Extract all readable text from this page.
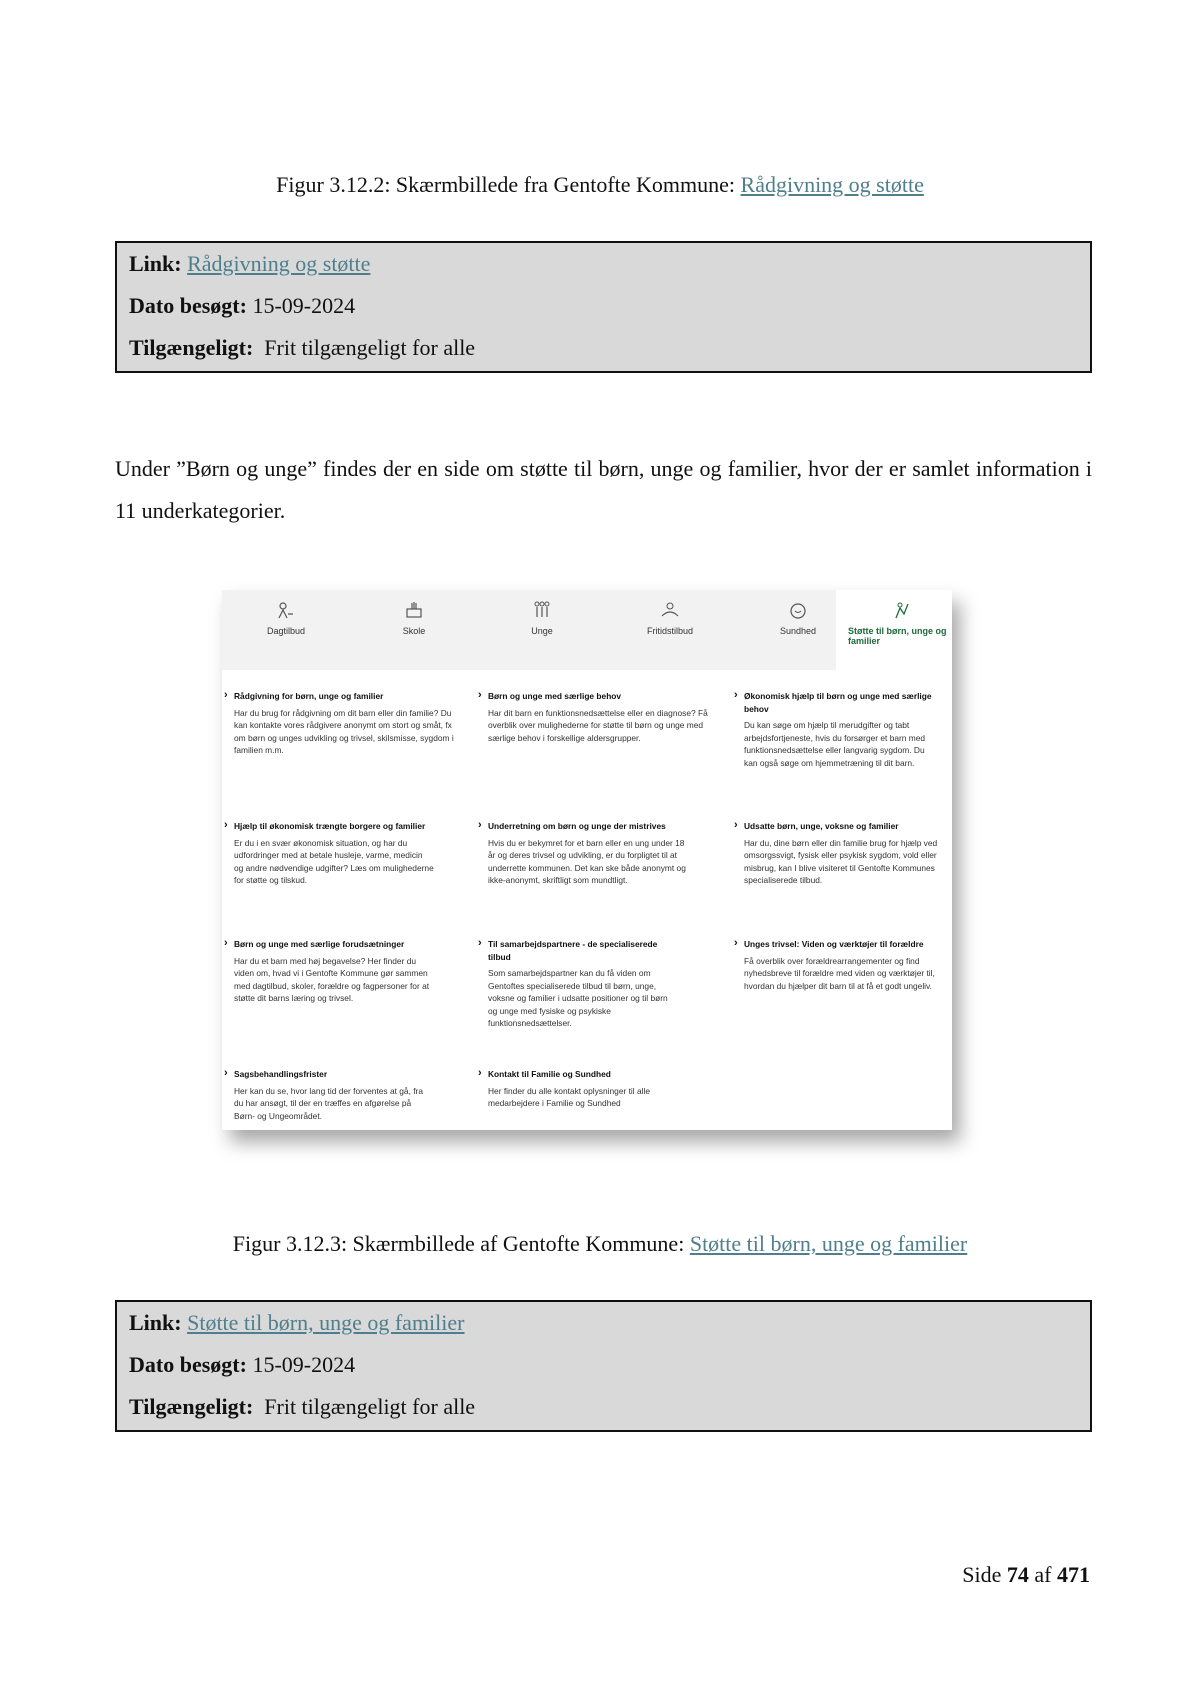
Figur 3.12.2: Skærmbillede fra Gentofte Kommune: Rådgivning og støtte
Link: Rådgivning og støtte
Dato besøgt: 15-09-2024
Tilgængeligt: Frit tilgængeligt for alle
Under ”Børn og unge” findes der en side om støtte til børn, unge og familier, hvor der er samlet information i 11 underkategorier.
Dagtilbud	Skole	Unge	Fritidstilbud	Sundhed	Støtte til børn, unge og familier
› Rådgivning for børn, unge og familier
Har du brug for rådgivning om dit barn eller din familie? Du kan kontakte vores rådgivere anonymt om stort og småt, fx om børn og unges udvikling og trivsel, skilsmisse, sygdom i familien m.m.
› Børn og unge med særlige behov
Har dit barn en funktionsnedsættelse eller en diagnose? Få overblik over mulighederne for støtte til børn og unge med særlige behov i forskellige aldersgrupper.
› Økonomisk hjælp til børn og unge med særlige behov
Du kan søge om hjælp til merudgifter og tabt arbejdsfortjeneste, hvis du forsørger et barn med funktionsnedsættelse eller langvarig sygdom. Du kan også søge om hjemmetræning til dit barn.
› Hjælp til økonomisk trængte borgere og familier
Er du i en svær økonomisk situation, og har du udfordringer med at betale husleje, varme, medicin og andre nødvendige udgifter? Læs om mulighederne for støtte og tilskud.
› Underretning om børn og unge der mistrives
Hvis du er bekymret for et barn eller en ung under 18 år og deres trivsel og udvikling, er du forpligtet til at underrette kommunen. Det kan ske både anonymt og ikke-anonymt, skriftligt som mundtligt.
› Udsatte børn, unge, voksne og familier
Har du, dine børn eller din familie brug for hjælp ved omsorgssvigt, fysisk eller psykisk sygdom, vold eller misbrug, kan I blive visiteret til Gentofte Kommunes specialiserede tilbud.
› Børn og unge med særlige forudsætninger
Har du et barn med høj begavelse? Her finder du viden om, hvad vi i Gentofte Kommune gør sammen med dagtilbud, skoler, forældre og fagpersoner for at støtte dit barns læring og trivsel.
› Til samarbejdspartnere - de specialiserede tilbud
Som samarbejdspartner kan du få viden om Gentoftes specialiserede tilbud til børn, unge, voksne og familier i udsatte positioner og til børn og unge med fysiske og psykiske funktionsnedsættelser.
› Unges trivsel: Viden og værktøjer til forældre
Få overblik over forældrearrangementer og find nyhedsbreve til forældre med viden og værktøjer til, hvordan du hjælper dit barn til at få et godt ungeliv.
› Sagsbehandlingsfrister
Her kan du se, hvor lang tid der forventes at gå, fra du har ansøgt, til der en træffes en afgørelse på Børn- og Ungeområdet.
› Kontakt til Familie og Sundhed
Her finder du alle kontakt oplysninger til alle medarbejdere i Familie og Sundhed
Figur 3.12.3: Skærmbillede af Gentofte Kommune: Støtte til børn, unge og familier
Link: Støtte til børn, unge og familier
Dato besøgt: 15-09-2024
Tilgængeligt: Frit tilgængeligt for alle
Side 74 af 471
